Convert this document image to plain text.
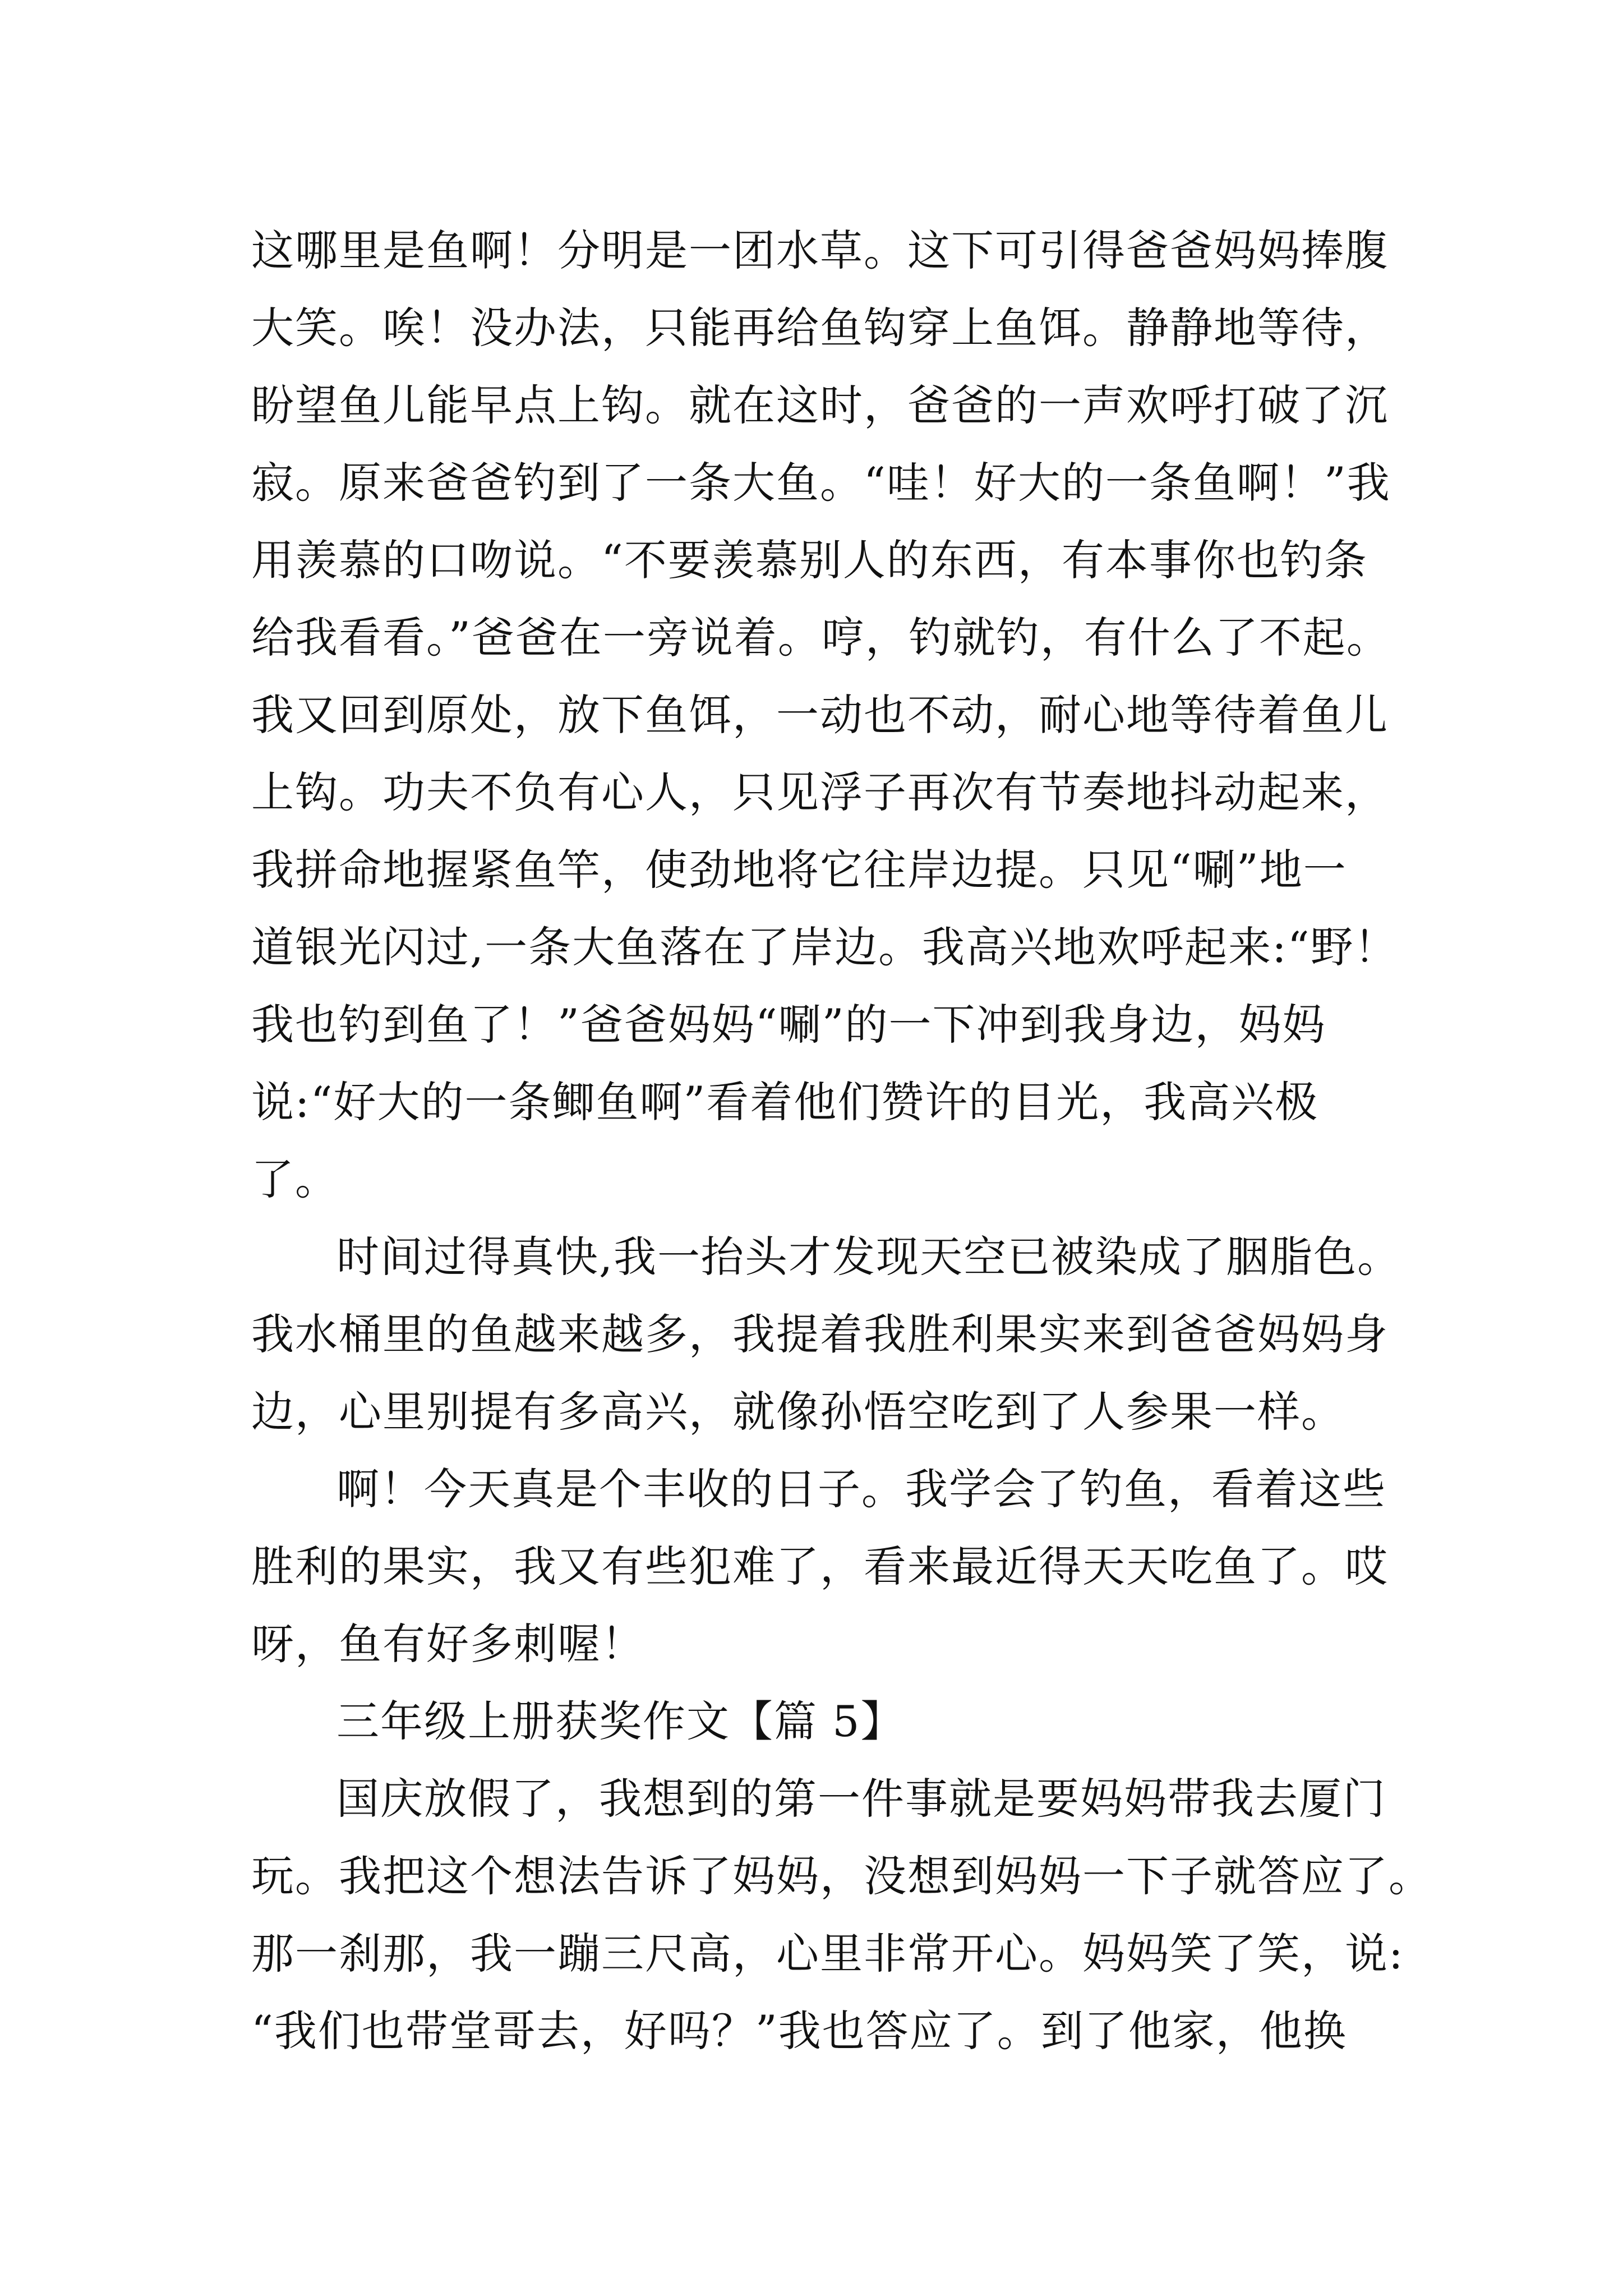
这哪里是鱼啊！分明是一团水草。这下可引得爸爸妈妈捧腹
大笑。唉！没办法，只能再给鱼钩穿上鱼饵。静静地等待，
盼望鱼儿能早点上钩。就在这时，爸爸的一声欢呼打破了沉
寂。原来爸爸钓到了一条大鱼。“哇！好大的一条鱼啊！”我
用羡慕的口吻说。“不要羡慕别人的东西，有本事你也钓条
给我看看。”爸爸在一旁说着。哼，钓就钓，有什么了不起。
我又回到原处，放下鱼饵，一动也不动，耐心地等待着鱼儿
上钩。功夫不负有心人，只见浮子再次有节奏地抖动起来，
我拼命地握紧鱼竿，使劲地将它往岸边提。只见“唰”地一
道银光闪过,一条大鱼落在了岸边。我高兴地欢呼起来:“野！
我也钓到鱼了！”爸爸妈妈“唰”的一下冲到我身边，妈妈
说:“好大的一条鲫鱼啊”看着他们赞许的目光，我高兴极
了。
时间过得真快,我一抬头才发现天空已被染成了胭脂色。
我水桶里的鱼越来越多，我提着我胜利果实来到爸爸妈妈身
边，心里别提有多高兴，就像孙悟空吃到了人参果一样。
啊！今天真是个丰收的日子。我学会了钓鱼，看着这些
胜利的果实，我又有些犯难了，看来最近得天天吃鱼了。哎
呀，鱼有好多刺喔！
三年级上册获奖作文【篇 5】
国庆放假了，我想到的第一件事就是要妈妈带我去厦门
玩。我把这个想法告诉了妈妈，没想到妈妈一下子就答应了。
那一刹那，我一蹦三尺高，心里非常开心。妈妈笑了笑，说:
“我们也带堂哥去，好吗？”我也答应了。到了他家，他换
